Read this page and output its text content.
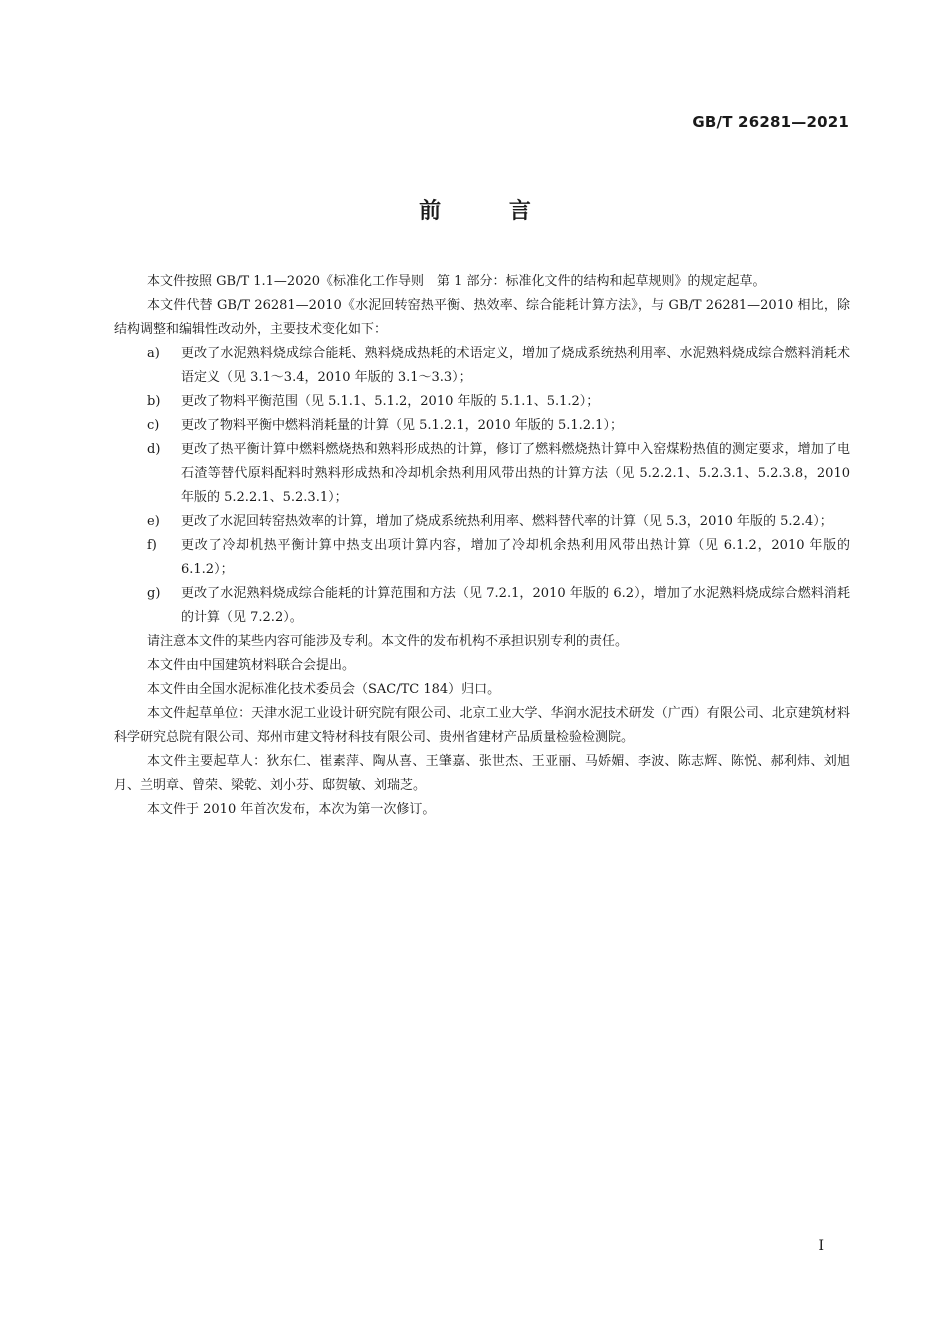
GB/T 26281—2021
前 言
本文件按照 GB/T 1.1—2020《标准化工作导则　第 1 部分：标准化文件的结构和起草规则》的规定起草。
本文件代替 GB/T 26281—2010《水泥回转窑热平衡、热效率、综合能耗计算方法》，与 GB/T 26281—2010 相比，除结构调整和编辑性改动外，主要技术变化如下：
a) 更改了水泥熟料烧成综合能耗、熟料烧成热耗的术语定义，增加了烧成系统热利用率、水泥熟料烧成综合燃料消耗术语定义（见 3.1～3.4，2010 年版的 3.1～3.3）；
b) 更改了物料平衡范围（见 5.1.1、5.1.2，2010 年版的 5.1.1、5.1.2）；
c) 更改了物料平衡中燃料消耗量的计算（见 5.1.2.1，2010 年版的 5.1.2.1）；
d) 更改了热平衡计算中燃料燃烧热和熟料形成热的计算，修订了燃料燃烧热计算中入窑煤粉热值的测定要求，增加了电石渣等替代原料配料时熟料形成热和冷却机余热利用风带出热的计算方法（见 5.2.2.1、5.2.3.1、5.2.3.8，2010 年版的 5.2.2.1、5.2.3.1）；
e) 更改了水泥回转窑热效率的计算，增加了烧成系统热利用率、燃料替代率的计算（见 5.3，2010 年版的 5.2.4）；
f) 更改了冷却机热平衡计算中热支出项计算内容，增加了冷却机余热利用风带出热计算（见 6.1.2，2010 年版的 6.1.2）；
g) 更改了水泥熟料烧成综合能耗的计算范围和方法（见 7.2.1，2010 年版的 6.2），增加了水泥熟料烧成综合燃料消耗的计算（见 7.2.2）。
请注意本文件的某些内容可能涉及专利。本文件的发布机构不承担识别专利的责任。
本文件由中国建筑材料联合会提出。
本文件由全国水泥标准化技术委员会（SAC/TC 184）归口。
本文件起草单位：天津水泥工业设计研究院有限公司、北京工业大学、华润水泥技术研发（广西）有限公司、北京建筑材料科学研究总院有限公司、郑州市建文特材科技有限公司、贵州省建材产品质量检验检测院。
本文件主要起草人：狄东仁、崔素萍、陶从喜、王肇嘉、张世杰、王亚丽、马娇媚、李波、陈志辉、陈悦、郝利炜、刘旭月、兰明章、曾荣、梁乾、刘小芬、邸贺敏、刘瑞芝。
本文件于 2010 年首次发布，本次为第一次修订。
I
